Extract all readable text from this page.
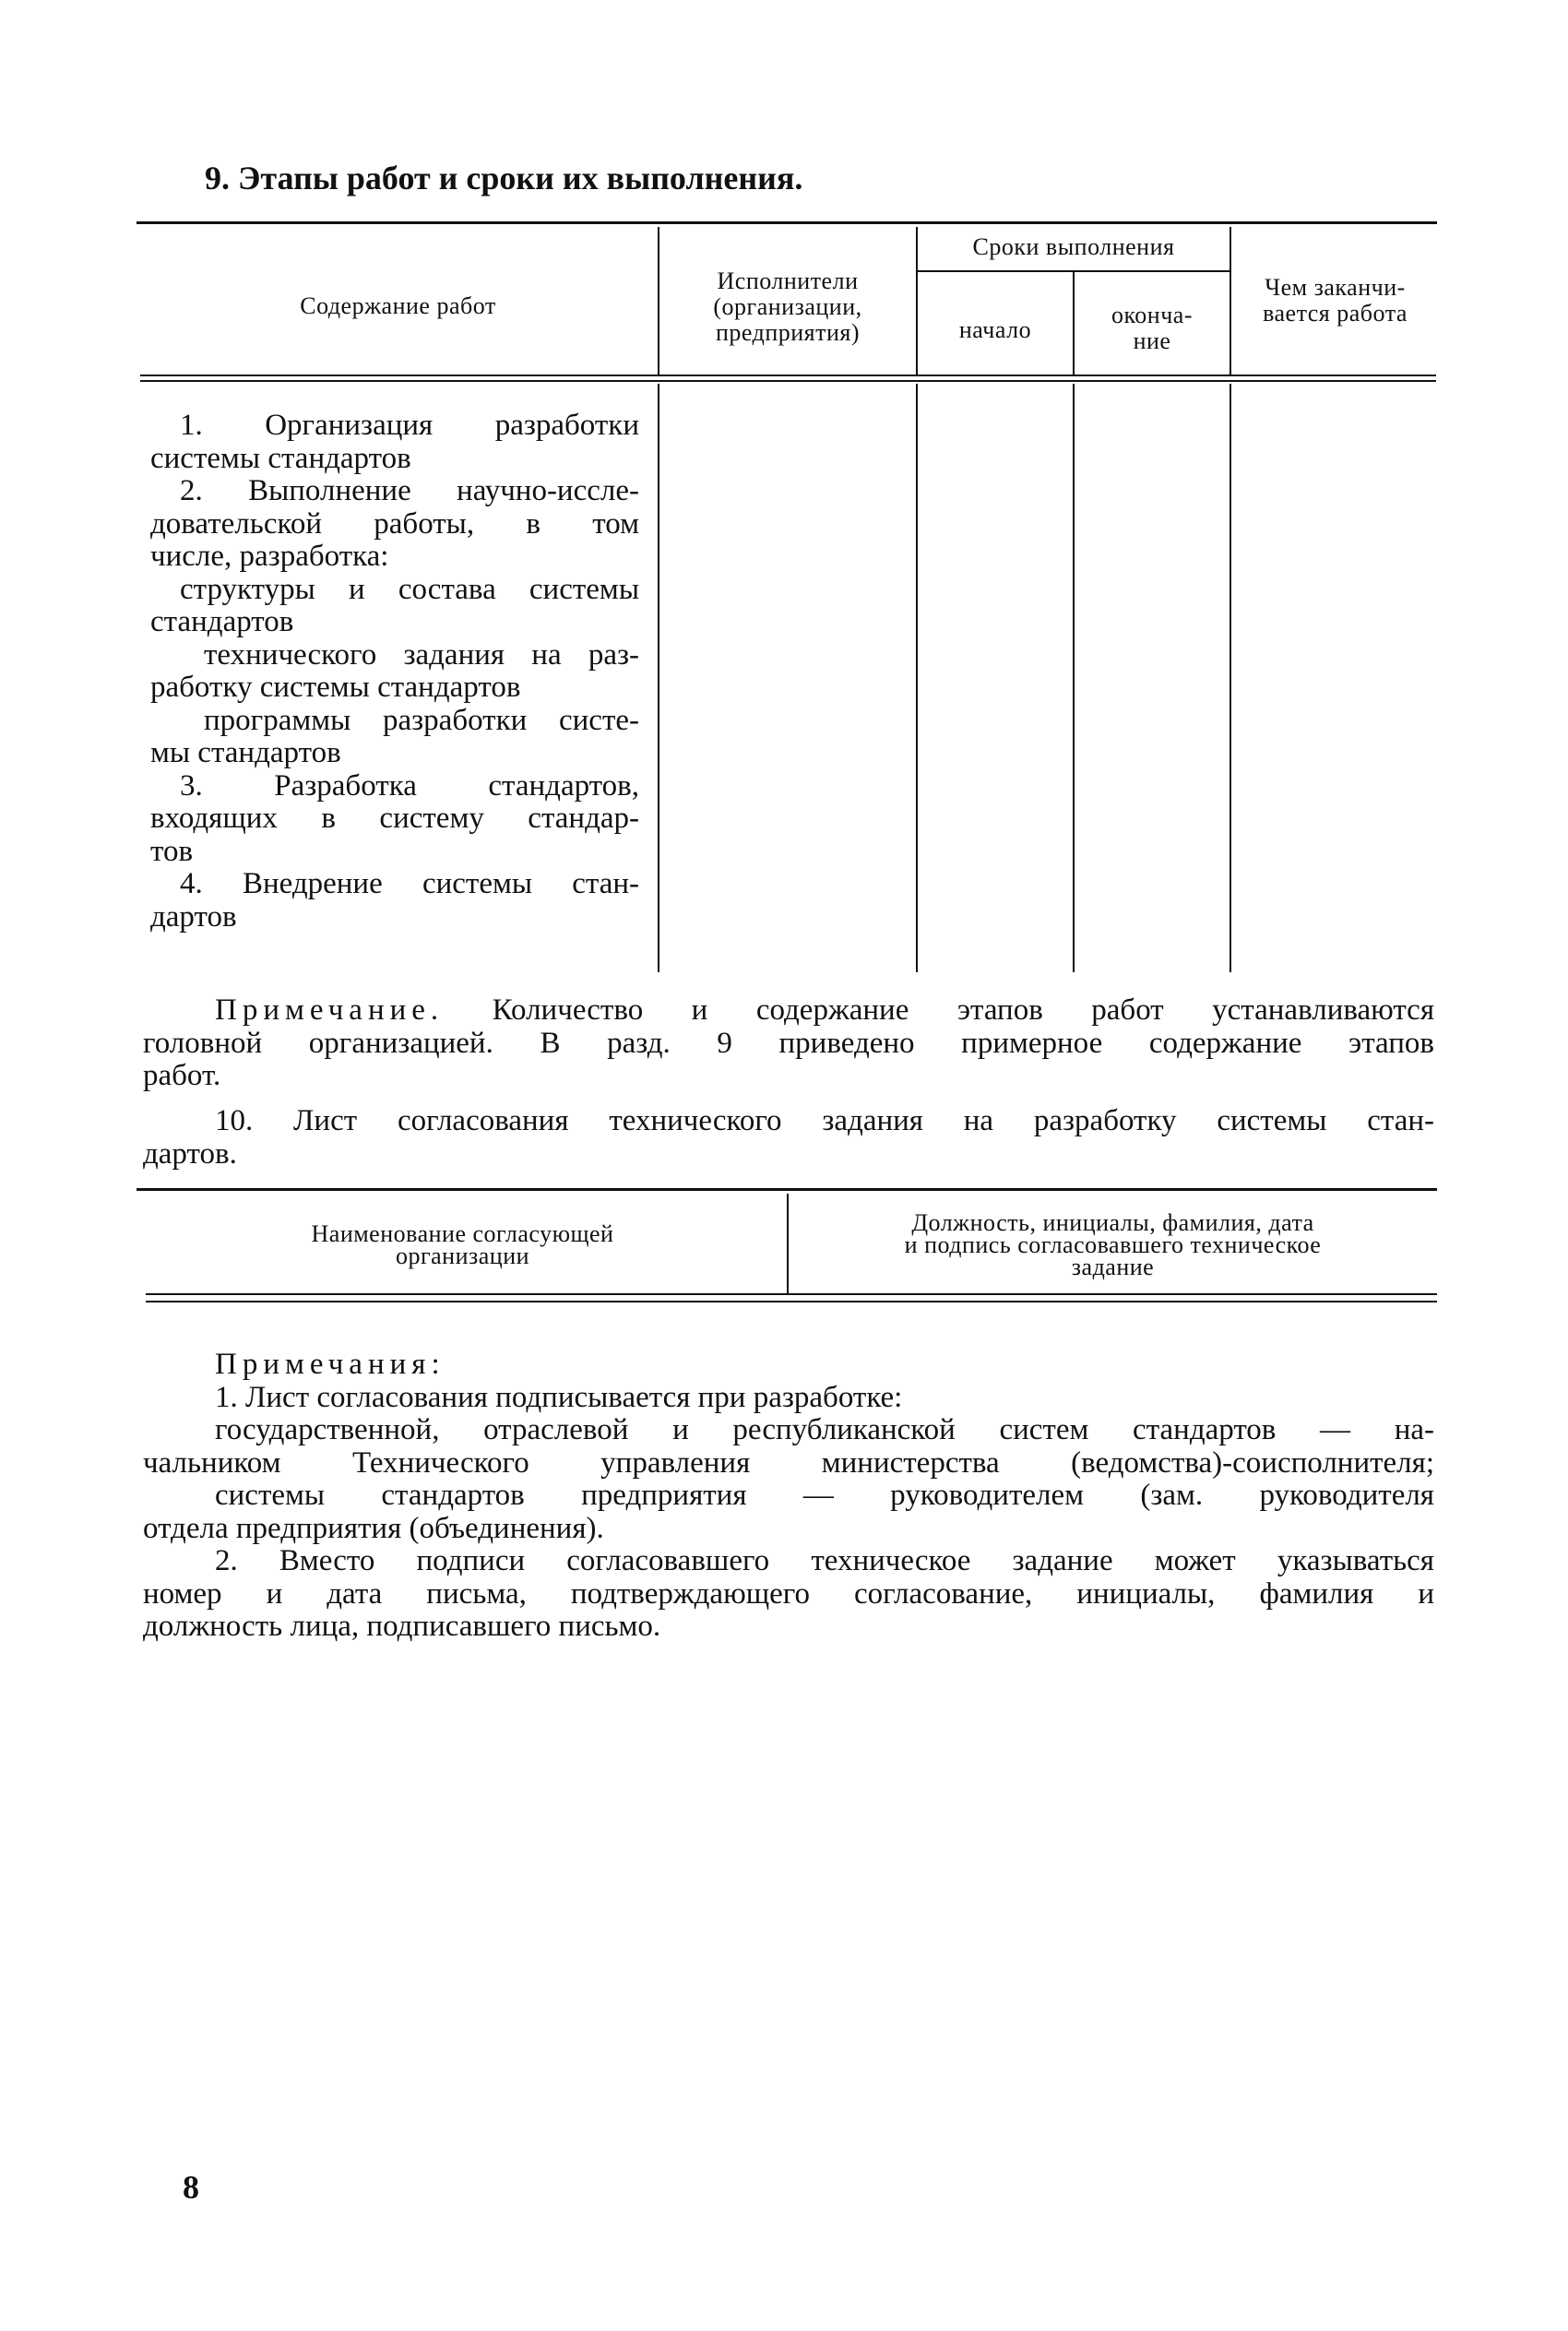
9. Этапы работ и сроки их выполнения.
Содержание работ
Исполнители
(организации,
предприятия)
Сроки выполнения
начало
оконча-
ние
Чем заканчи-
вается работа
1. Организация разработки
системы стандартов
2. Выполнение научно-иссле-
довательской работы, в том
числе, разработка:
структуры и состава системы
стандартов
технического задания на раз-
работку системы стандартов
программы разработки систе-
мы стандартов
3. Разработка стандартов,
входящих в систему стандар-
тов
4. Внедрение системы стан-
дартов
Примечание. Количество и содержание этапов работ устанавливаются
головной организацией. В разд. 9 приведено примерное содержание этапов
работ.
10. Лист согласования технического задания на разработку системы стан-
дартов.
Наименование согласующей
организации
Должность, инициалы, фамилия, дата
и подпись согласовавшего техническое
задание
Примечания:
1. Лист согласования подписывается при разработке:
государственной, отраслевой и республиканской систем стандартов — на-
чальником Технического управления министерства (ведомства)-соисполнителя;
системы стандартов предприятия — руководителем (зам. руководителя
отдела предприятия (объединения).
2. Вместо подписи согласовавшего техническое задание может указываться
номер и дата письма, подтверждающего согласование, инициалы, фамилия и
должность лица, подписавшего письмо.
8
